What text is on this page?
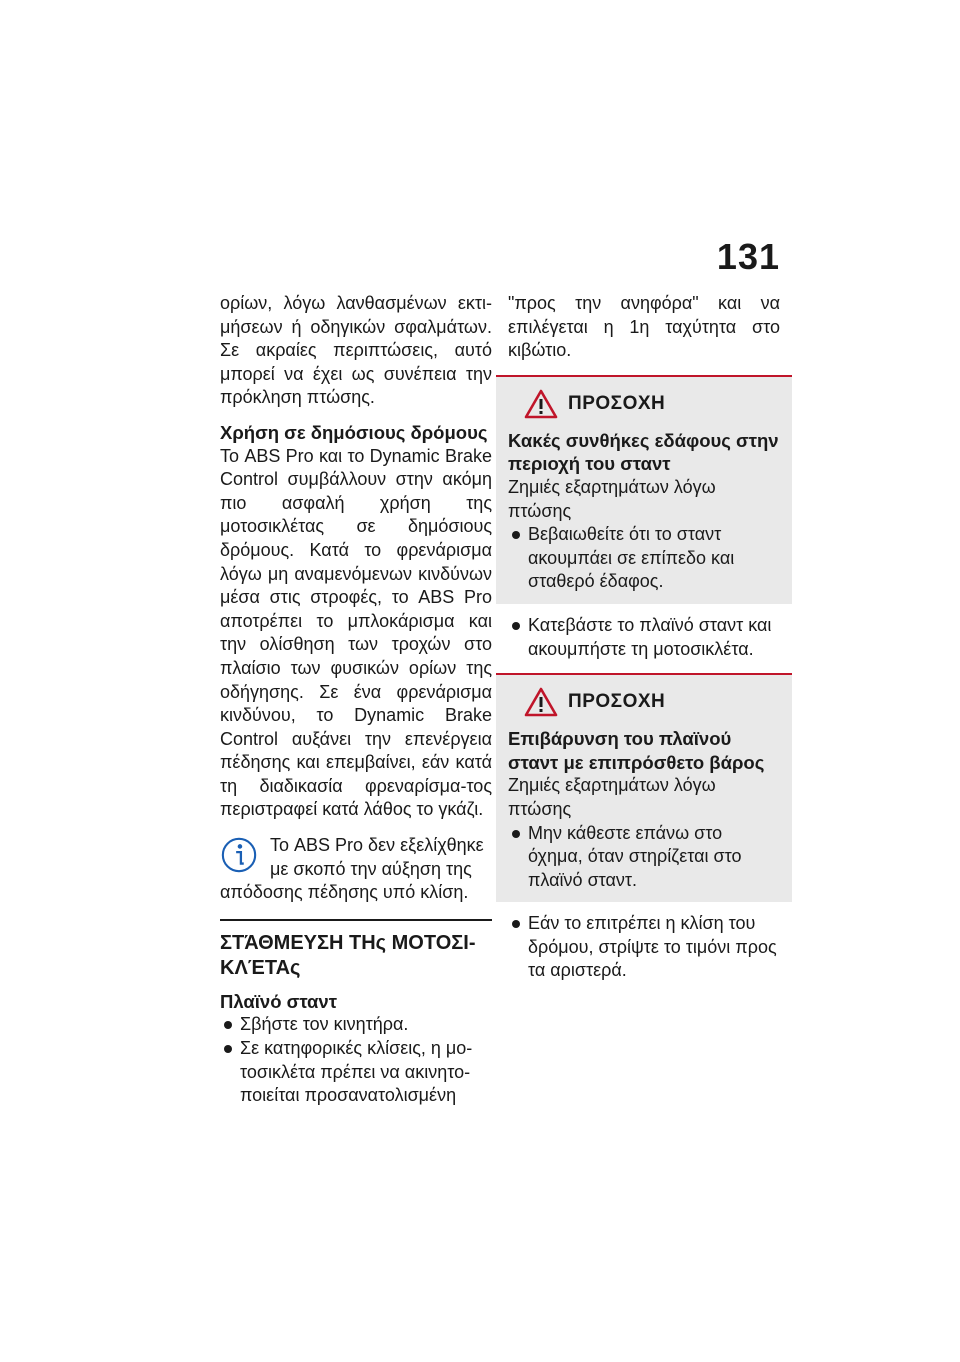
131

ορίων, λόγω λανθασμένων εκτι-μήσεων ή οδηγικών σφαλμάτων. Σε ακραίες περιπτώσεις, αυτό μπορεί να έχει ως συνέπεια την πρόκληση πτώσης.

Χρήση σε δημόσιους δρόμους

Το ABS Pro και το Dynamic Brake Control συμβάλλουν στην ακόμη πιο ασφαλή χρήση της μοτοσικλέτας σε δημόσιους δρόμους. Κατά το φρενάρισμα λόγω μη αναμενόμενων κινδύνων μέσα στις στροφές, το ABS Pro αποτρέπει το μπλοκάρισμα και την ολίσθηση των τροχών στο πλαίσιο των φυσικών ορίων της οδήγησης. Σε ένα φρενάρισμα κινδύνου, το Dynamic Brake Control αυξάνει την επενέργεια πέδησης και επεμβαίνει, εάν κατά τη διαδικασία φρεναρίσμα-τος περιστραφεί κατά λάθος το γκάζι.

Το ABS Pro δεν εξελίχθηκε
με σκοπό την αύξηση της
απόδοσης πέδησης υπό κλίση.
ΣΤΆΘΜΕΥΣΗ ΤΗς ΜΟΤΟΣΙ-ΚΛΈΤΑς
Πλαϊνό σταντ
Σβήστε τον κινητήρα.
Σε κατηφορικές κλίσεις, η μο-τοσικλέτα πρέπει να ακινητο-ποιείται προσανατολισμένη

"προς την ανηφόρα" και να επιλέγεται η 1η ταχύτητα στο κιβώτιο.

ΠΡΟΣΟΧΗ
Κακές συνθήκες εδάφους στην περιοχή του σταντ

Ζημιές εξαρτημάτων λόγω πτώσης

Βεβαιωθείτε ότι το σταντ ακουμπάει σε επίπεδο και σταθερό έδαφος.
Κατεβάστε το πλαϊνό σταντ και ακουμπήστε τη μοτοσικλέτα.
ΠΡΟΣΟΧΗ
Επιβάρυνση του πλαϊνού σταντ με επιπρόσθετο βάρος

Ζημιές εξαρτημάτων λόγω πτώσης

Μην κάθεστε επάνω στο όχημα, όταν στηρίζεται στο πλαϊνό σταντ.
Εάν το επιτρέπει η κλίση του δρόμου, στρίψτε το τιμόνι προς τα αριστερά.
